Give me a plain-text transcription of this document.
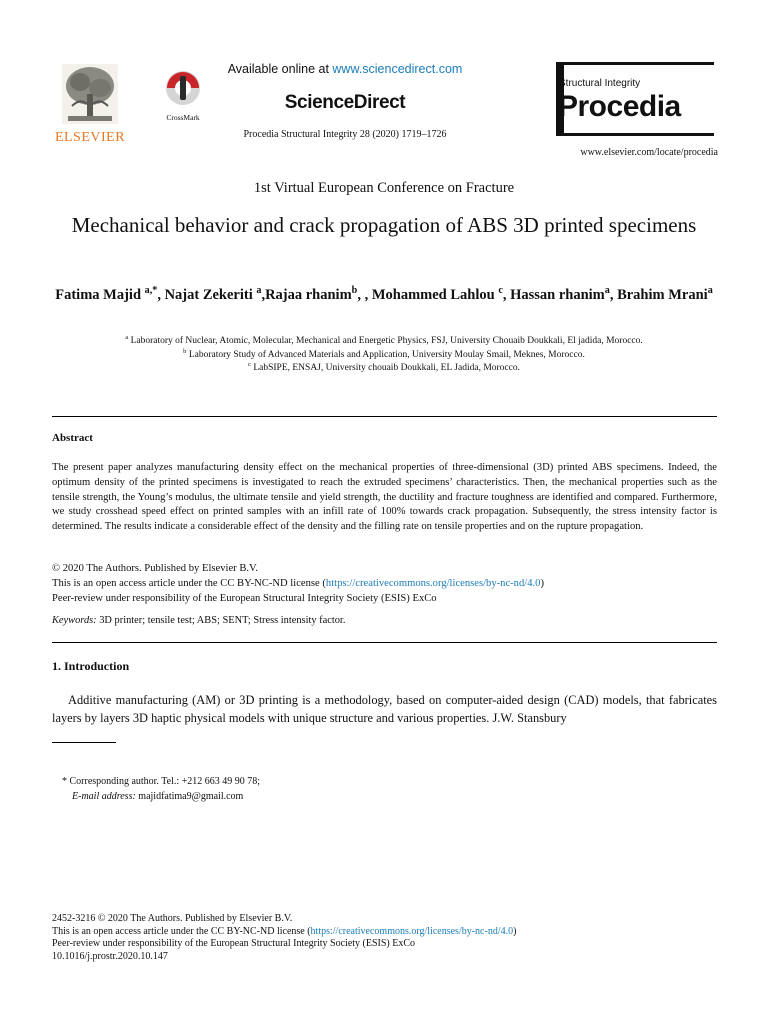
ELSEVIER
CrossMark
Available online at www.sciencedirect.com
ScienceDirect
Procedia Structural Integrity 28 (2020) 1719–1726
Structural Integrity
Procedia
www.elsevier.com/locate/procedia
1st Virtual European Conference on Fracture
Mechanical behavior and crack propagation of ABS 3D printed specimens
Fatima Majid $^{a,*}$, Najat Zekeriti $^a$,Rajaa rhanim$^b$, , Mohammed Lahlou $^c$, Hassan rhanim$^a$, Brahim Mrani$^a$
$^a$ Laboratory of Nuclear, Atomic, Molecular, Mechanical and Energetic Physics, FSJ, University Chouaib Doukkali, El jadida, Morocco.
$^b$ Laboratory Study of Advanced Materials and Application, University Moulay Smail, Meknes, Morocco.
$^c$ LabSIPE, ENSAJ, University chouaib Doukkali, EL Jadida, Morocco.
Abstract
The present paper analyzes manufacturing density effect on the mechanical properties of three-dimensional (3D) printed ABS specimens. Indeed, the optimum density of the printed specimens is investigated to reach the extruded specimens’ characteristics. Then, the mechanical properties such as the tensile strength, the Young’s modulus, the ultimate tensile and yield strength, the ductility and fracture toughness are identified and compared. Furthermore, we study crosshead speed effect on printed samples with an infill rate of 100% towards crack propagation. Subsequently, the stress intensity factor is determined. The results indicate a considerable effect of the density and the filling rate on tensile properties and on the rupture propagation.
© 2020 The Authors. Published by Elsevier B.V.
This is an open access article under the CC BY-NC-ND license (https://creativecommons.org/licenses/by-nc-nd/4.0)
Peer-review under responsibility of the European Structural Integrity Society (ESIS) ExCo
Keywords: 3D printer; tensile test; ABS; SENT; Stress intensity factor.
1. Introduction
Additive manufacturing (AM) or 3D printing is a methodology, based on computer-aided design (CAD) models, that fabricates layers by layers 3D haptic physical models with unique structure and various properties. J.W. Stansbury
* Corresponding author. Tel.: +212 663 49 90 78;
E-mail address: majidfatima9@gmail.com
2452-3216 © 2020 The Authors. Published by Elsevier B.V.
This is an open access article under the CC BY-NC-ND license (https://creativecommons.org/licenses/by-nc-nd/4.0)
Peer-review under responsibility of the European Structural Integrity Society (ESIS) ExCo
10.1016/j.prostr.2020.10.147
